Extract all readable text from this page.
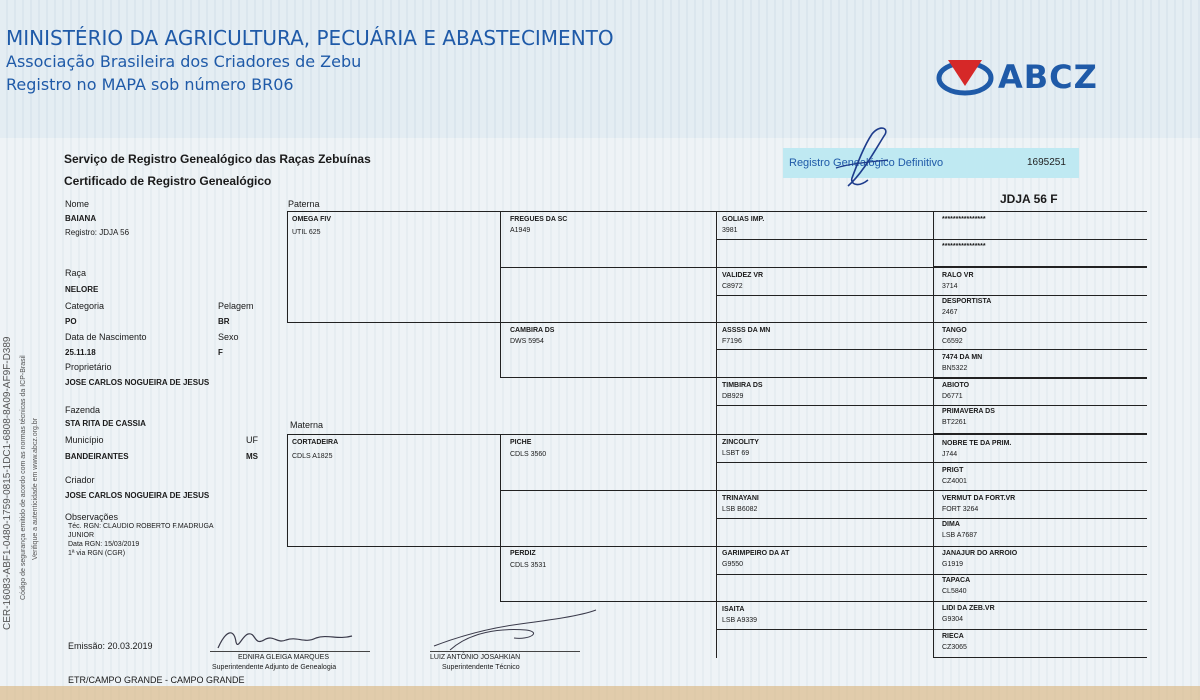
MINISTÉRIO DA AGRICULTURA, PECUÁRIA E ABASTECIMENTO
Associação Brasileira dos Criadores de Zebu
Registro no MAPA sob número BR06	ABCZ
CER-16083-ABF1-0480-1759-0815-1DC1-6808-8A09-AF9F-D389 Código de segurança emitido de acordo com as normas técnicas da ICP-Brasil Verifique a autenticidade em www.abcz.org.br
Serviço de Registro Genealógico das Raças Zebuínas
Certificado de Registro Genealógico
Registro Genealógico Definitivo	1695251
JDJA 56 F
Nome
BAIANA
Registro: JDJA 56
Raça
NELORE
Categoria	Pelagem
PO	BR
Data de Nascimento	Sexo
25.11.18	F
Proprietário
JOSE CARLOS NOGUEIRA DE JESUS
Fazenda
STA RITA DE CASSIA
Município	UF
BANDEIRANTES	MS
Criador
JOSE CARLOS NOGUEIRA DE JESUS
Observações
Téc. RGN: CLAUDIO ROBERTO F.MADRUGA
JUNIOR
Data RGN: 15/03/2019
1ª via RGN (CGR)
Paterna
Materna
OMEGA FIV
UTIL 625
FREGUES DA SC
A1949
CAMBIRA DS
DWS 5954
GOLIAS IMP.
3981
VALIDEZ VR
C8972
ASSSS DA MN
F7196
TIMBIRA DS
DB929
****************
****************
RALO VR
3714
DESPORTISTA
2467
TANGO
C6592
7474 DA MN
BN5322
ABIOTO
D6771
PRIMAVERA DS
BT2261
CORTADEIRA
CDLS A1825
PICHE
CDLS 3560
PERDIZ
CDLS 3531
ZINCOLITY
LSBT 69
TRINAYANI
LSB B6082
GARIMPEIRO DA AT
G9550
ISAITA
LSB A9339
NOBRE TE DA PRIM.
J744
PRIGT
CZ4001
VERMUT DA FORT.VR
FORT 3264
DIMA
LSB A7687
JANAJUR DO ARROIO
G1919
TAPACA
CL5840
LIDI DA ZEB.VR
G9304
RIECA
CZ3065
Emissão: 20.03.2019
EDNIRA GLEIGA MARQUES
Superintendente Adjunto de Genealogia
LUIZ ANTÔNIO JOSAHKIAN
Superintendente Técnico
ETR/CAMPO GRANDE - CAMPO GRANDE
